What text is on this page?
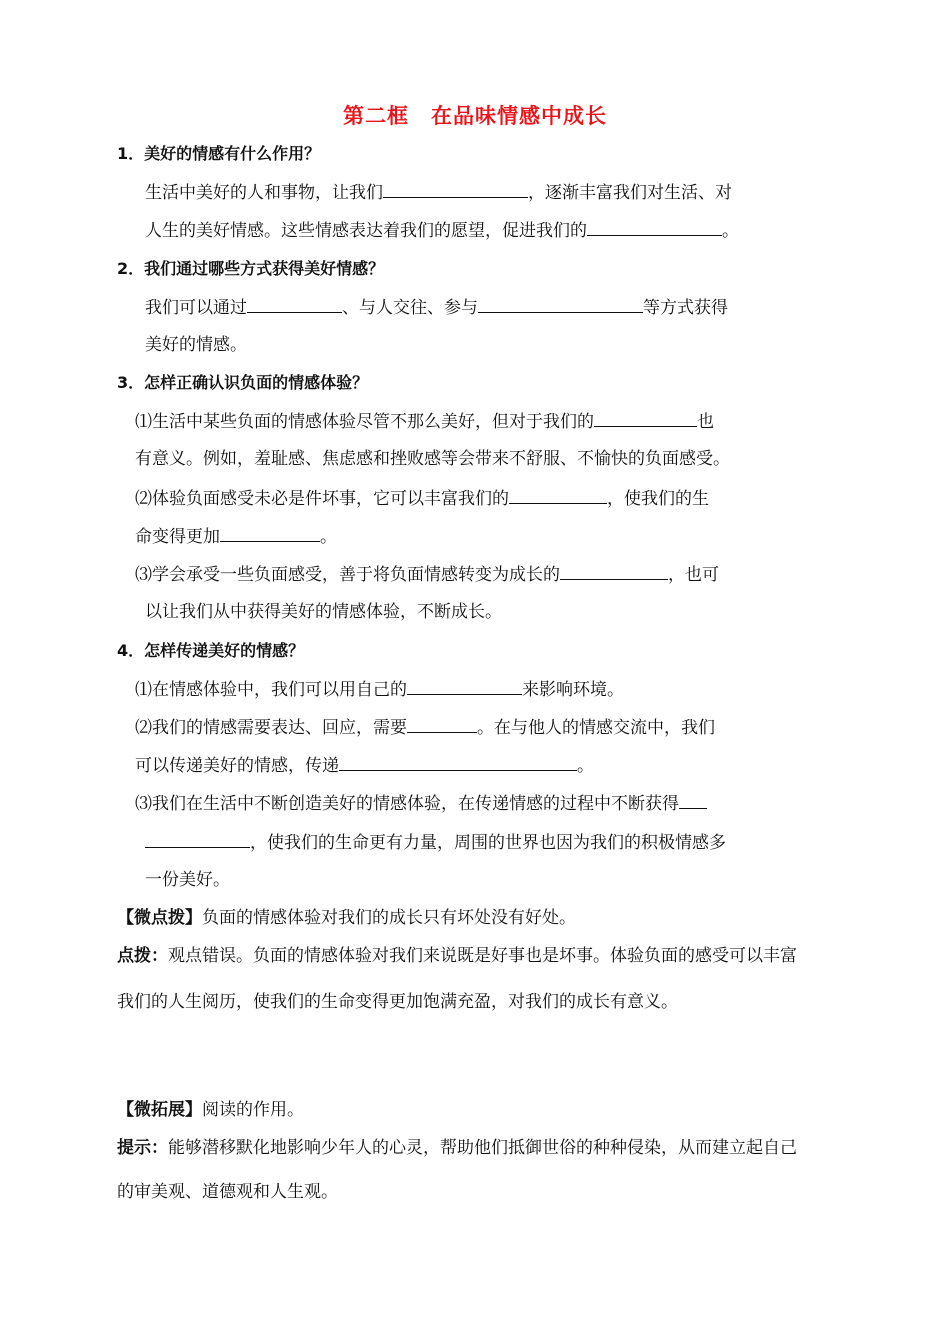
第二框　在品味情感中成长
1．美好的情感有什么作用？
生活中美好的人和事物，让我们	，逐渐丰富我们对生活、对
人生的美好情感。这些情感表达着我们的愿望，促进我们的	。
2．我们通过哪些方式获得美好情感？
我们可以通过	、与人交往、参与	等方式获得
美好的情感。
3．怎样正确认识负面的情感体验？
⑴生活中某些负面的情感体验尽管不那么美好，但对于我们的	也
有意义。例如，羞耻感、焦虑感和挫败感等会带来不舒服、不愉快的负面感受。
⑵体验负面感受未必是件坏事，它可以丰富我们的	，使我们的生
命变得更加	。
⑶学会承受一些负面感受，善于将负面情感转变为成长的	，也可
以让我们从中获得美好的情感体验，不断成长。
4．怎样传递美好的情感？
⑴在情感体验中，我们可以用自己的	来影响环境。
⑵我们的情感需要表达、回应，需要	。在与他人的情感交流中，我们
可以传递美好的情感，传递	。
⑶我们在生活中不断创造美好的情感体验，在传递情感的过程中不断获得
，使我们的生命更有力量，周围的世界也因为我们的积极情感多
一份美好。
【微点拨】负面的情感体验对我们的成长只有坏处没有好处。
点拨：观点错误。负面的情感体验对我们来说既是好事也是坏事。体验负面的感受可以丰富
我们的人生阅历，使我们的生命变得更加饱满充盈，对我们的成长有意义。
【微拓展】阅读的作用。
提示：能够潜移默化地影响少年人的心灵，帮助他们抵御世俗的种种侵染，从而建立起自己
的审美观、道德观和人生观。
